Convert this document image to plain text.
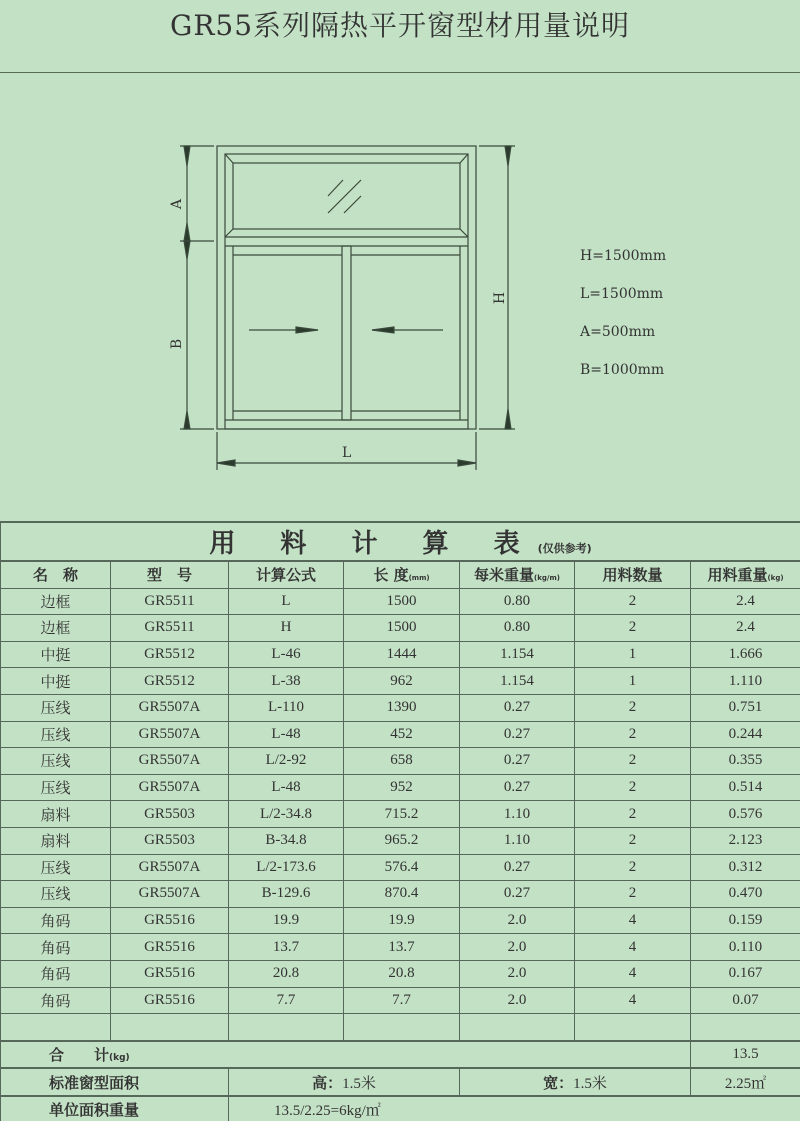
GR55系列隔热平开窗型材用量说明
A
B
H
L
H=1500mm
L=1500mm
A=500mm
B=1000mm
用 料 计 算 表(仅供参考)						
名　称	型　号	计算公式	长 度(mm)	每米重量(kg/m)	用料数量	用料重量(kg)
边框	GR5511	L	1500	0.80	2	2.4
边框	GR5511	H	1500	0.80	2	2.4
中挺	GR5512	L-46	1444	1.154	1	1.666
中挺	GR5512	L-38	962	1.154	1	1.110
压线	GR5507A	L-110	1390	0.27	2	0.751
压线	GR5507A	L-48	452	0.27	2	0.244
压线	GR5507A	L/2-92	658	0.27	2	0.355
压线	GR5507A	L-48	952	0.27	2	0.514
扇料	GR5503	L/2-34.8	715.2	1.10	2	0.576
扇料	GR5503	B-34.8	965.2	1.10	2	2.123
压线	GR5507A	L/2-173.6	576.4	0.27	2	0.312
压线	GR5507A	B-129.6	870.4	0.27	2	0.470
角码	GR5516	19.9	19.9	2.0	4	0.159
角码	GR5516	13.7	13.7	2.0	4	0.110
角码	GR5516	20.8	20.8	2.0	4	0.167
角码	GR5516	7.7	7.7	2.0	4	0.07

合　　计(kg)						13.5
标准窗型面积		高：1.5米		宽：1.5米		2.25㎡
单位面积重量		13.5/2.25=6kg/㎡				
